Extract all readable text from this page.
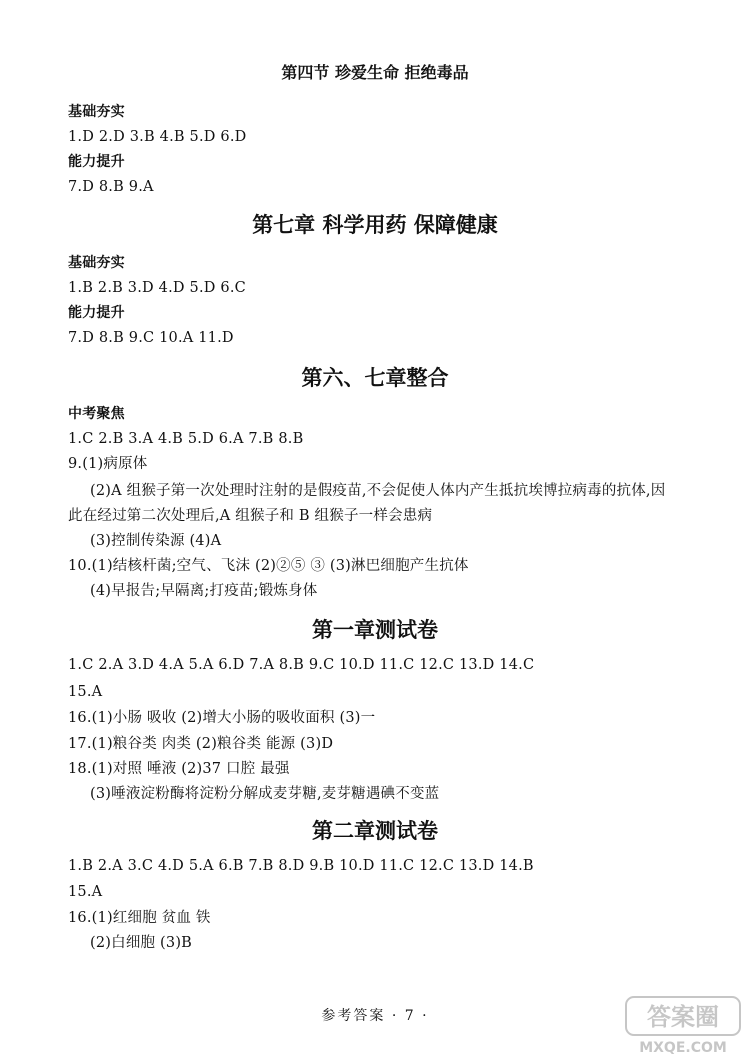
第四节 珍爱生命 拒绝毒品
基础夯实
1.D 2.D 3.B 4.B 5.D 6.D
能力提升
7.D 8.B 9.A
第七章 科学用药 保障健康
基础夯实
1.B 2.B 3.D 4.D 5.D 6.C
能力提升
7.D 8.B 9.C 10.A 11.D
第六、七章整合
中考聚焦
1.C 2.B 3.A 4.B 5.D 6.A 7.B 8.B
9.(1)病原体
(2)A 组猴子第一次处理时注射的是假疫苗,不会促使人体内产生抵抗埃博拉病毒的抗体,因
此在经过第二次处理后,A 组猴子和 B 组猴子一样会患病
(3)控制传染源 (4)A
10.(1)结核杆菌;空气、飞沫 (2)②⑤ ③ (3)淋巴细胞产生抗体
(4)早报告;早隔离;打疫苗;锻炼身体
第一章测试卷
1.C 2.A 3.D 4.A 5.A 6.D 7.A 8.B 9.C 10.D 11.C 12.C 13.D 14.C
15.A
16.(1)小肠 吸收 (2)增大小肠的吸收面积 (3)一
17.(1)粮谷类 肉类 (2)粮谷类 能源 (3)D
18.(1)对照 唾液 (2)37 口腔 最强
(3)唾液淀粉酶将淀粉分解成麦芽糖,麦芽糖遇碘不变蓝
第二章测试卷
1.B 2.A 3.C 4.D 5.A 6.B 7.B 8.D 9.B 10.D 11.C 12.C 13.D 14.B
15.A
16.(1)红细胞 贫血 铁
(2)白细胞 (3)B
参考答案 · 7 ·	答案圈
MXQE.COM
